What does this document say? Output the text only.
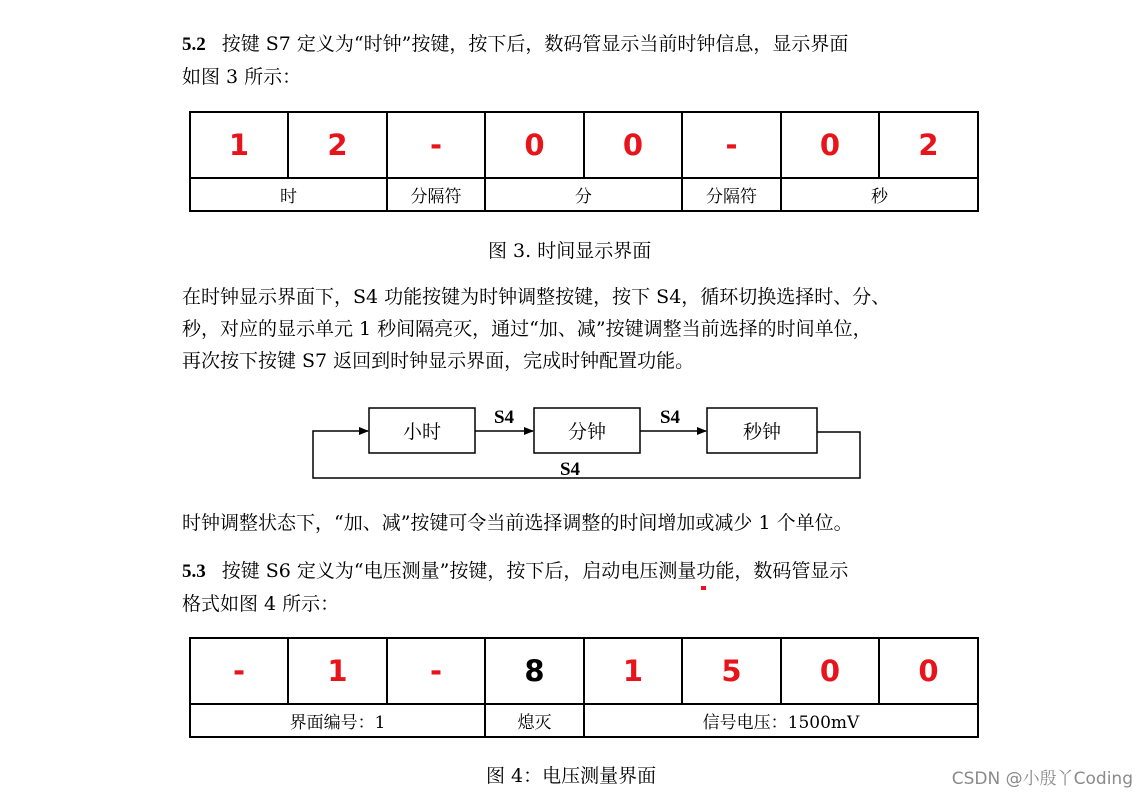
5.2 按键 S7 定义为“时钟”按键，按下后，数码管显示当前时钟信息，显示界面
如图 3 所示：
1	2	-	0	0	-	0	2
时		分隔符	分		分隔符	秒	
图 3. 时间显示界面
在时钟显示界面下，S4 功能按键为时钟调整按键，按下 S4，循环切换选择时、分、
秒，对应的显示单元 1 秒间隔亮灭，通过“加、减”按键调整当前选择的时间单位，
再次按下按键 S7 返回到时钟显示界面，完成时钟配置功能。
小时	分钟	秒钟
S4	S4
S4
时钟调整状态下，“加、减”按键可令当前选择调整的时间增加或减少 1 个单位。
5.3 按键 S6 定义为“电压测量”按键，按下后，启动电压测量功能，数码管显示
格式如图 4 所示：
-	1	-	8	1	5	0	0
界面编号：1			熄灭	信号电压：1500mV			
图 4：电压测量界面	CSDN @小殷丫Coding
